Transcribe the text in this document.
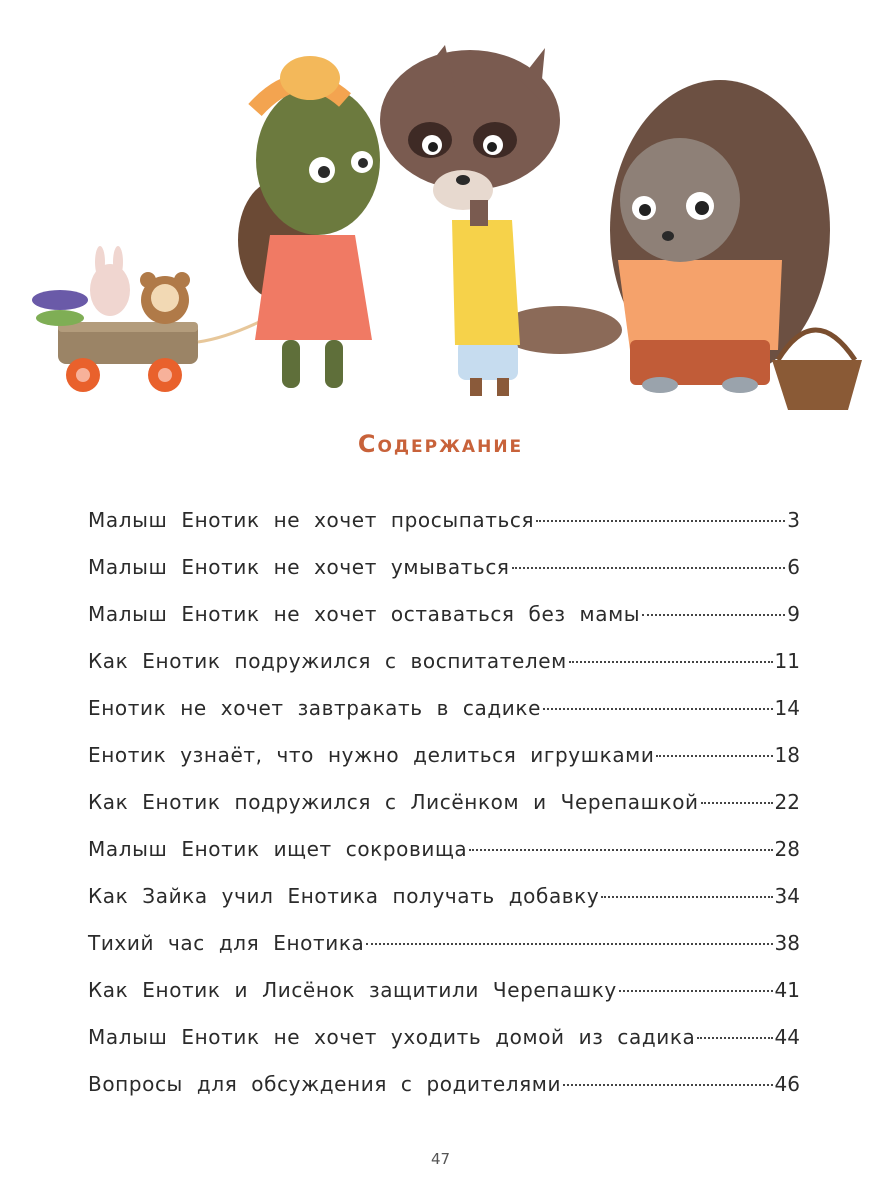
Содержание
Малыш Енотик не хочет просыпаться	3
Малыш Енотик не хочет умываться	6
Малыш Енотик не хочет оставаться без мамы	9
Как Енотик подружился с воспитателем	11
Енотик не хочет завтракать в садике	14
Енотик узнаёт, что нужно делиться игрушками	18
Как Енотик подружился с Лисёнком и Черепашкой	22
Малыш Енотик ищет сокровища	28
Как Зайка учил Енотика получать добавку	34
Тихий час для Енотика	38
Как Енотик и Лисёнок защитили Черепашку	41
Малыш Енотик не хочет уходить домой из садика	44
Вопросы для обсуждения с родителями	46
47
